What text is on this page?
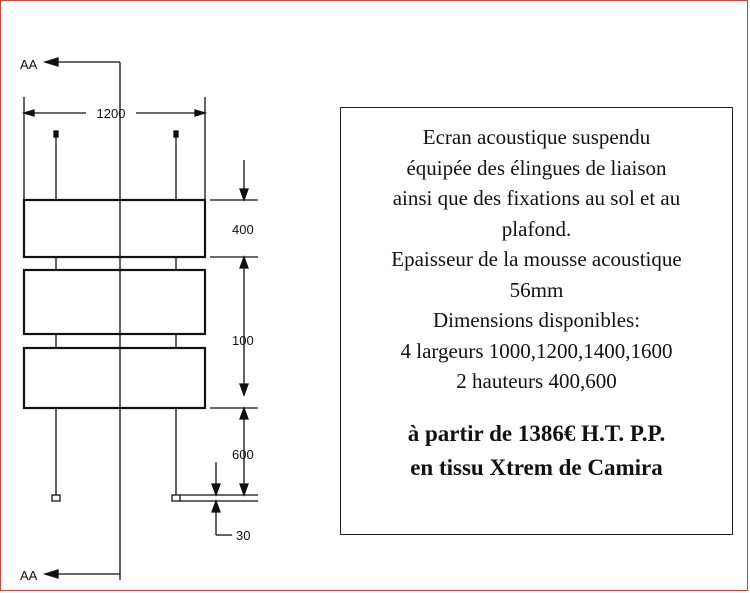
AA
AA
1200
400
100
600
30
Ecran acoustique suspendu
équipée des élingues de liaison
ainsi que des fixations au sol et au
plafond.
Epaisseur de la mousse acoustique
56mm
Dimensions disponibles:
4 largeurs 1000,1200,1400,1600
2 hauteurs 400,600
à partir de 1386€ H.T. P.P.
en tissu Xtrem de Camira
